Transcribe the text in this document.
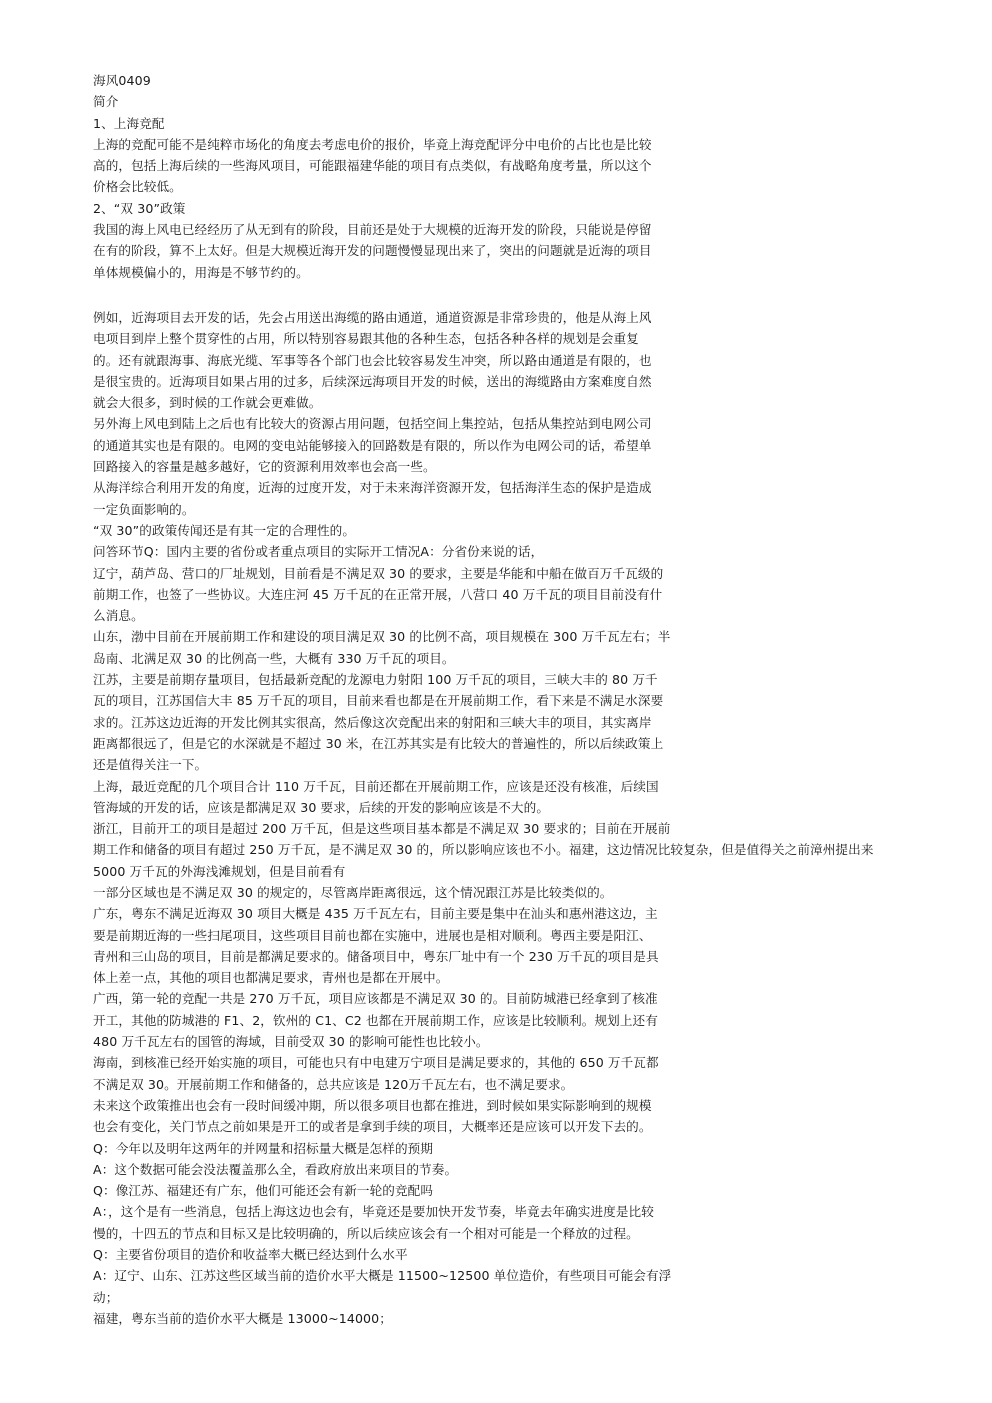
海风0409
简介
1、上海竞配
上海的竞配可能不是纯粹市场化的角度去考虑电价的报价，毕竟上海竞配评分中电价的占比也是比较
高的，包括上海后续的一些海风项目，可能跟福建华能的项目有点类似，有战略角度考量，所以这个
价格会比较低。
2、“双 30”政策
我国的海上风电已经经历了从无到有的阶段，目前还是处于大规模的近海开发的阶段，只能说是停留
在有的阶段，算不上太好。但是大规模近海开发的问题慢慢显现出来了，突出的问题就是近海的项目
单体规模偏小的，用海是不够节约的。
例如，近海项目去开发的话，先会占用送出海缆的路由通道，通道资源是非常珍贵的，他是从海上风
电项目到岸上整个贯穿性的占用，所以特别容易跟其他的各种生态，包括各种各样的规划是会重复
的。还有就跟海事、海底光缆、军事等各个部门也会比较容易发生冲突，所以路由通道是有限的，也
是很宝贵的。近海项目如果占用的过多，后续深远海项目开发的时候，送出的海缆路由方案难度自然
就会大很多，到时候的工作就会更难做。
另外海上风电到陆上之后也有比较大的资源占用问题，包括空间上集控站，包括从集控站到电网公司
的通道其实也是有限的。电网的变电站能够接入的回路数是有限的，所以作为电网公司的话，希望单
回路接入的容量是越多越好，它的资源利用效率也会高一些。
从海洋综合利用开发的角度，近海的过度开发，对于未来海洋资源开发，包括海洋生态的保护是造成
一定负面影响的。
“双 30”的政策传闻还是有其一定的合理性的。
问答环节Q：国内主要的省份或者重点项目的实际开工情况A：分省份来说的话，
辽宁，葫芦岛、营口的厂址规划，目前看是不满足双 30 的要求，主要是华能和中船在做百万千瓦级的
前期工作，也签了一些协议。大连庄河 45 万千瓦的在正常开展，八营口 40 万千瓦的项目目前没有什
么消息。
山东，渤中目前在开展前期工作和建设的项目满足双 30 的比例不高，项目规模在 300 万千瓦左右；半
岛南、北满足双 30 的比例高一些，大概有 330 万千瓦的项目。
江苏，主要是前期存量项目，包括最新竞配的龙源电力射阳 100 万千瓦的项目，三峡大丰的 80 万千
瓦的项目，江苏国信大丰 85 万千瓦的项目，目前来看也都是在开展前期工作，看下来是不满足水深要
求的。江苏这边近海的开发比例其实很高，然后像这次竞配出来的射阳和三峡大丰的项目，其实离岸
距离都很远了，但是它的水深就是不超过 30 米，在江苏其实是有比较大的普遍性的，所以后续政策上
还是值得关注一下。
上海，最近竞配的几个项目合计 110 万千瓦，目前还都在开展前期工作，应该是还没有核准，后续国
管海域的开发的话，应该是都满足双 30 要求，后续的开发的影响应该是不大的。
浙江，目前开工的项目是超过 200 万千瓦，但是这些项目基本都是不满足双 30 要求的；目前在开展前
期工作和储备的项目有超过 250 万千瓦，是不满足双 30 的，所以影响应该也不小。福建，这边情况比较复杂，但是值得关之前漳州提出来
5000 万千瓦的外海浅滩规划，但是目前看有
一部分区域也是不满足双 30 的规定的，尽管离岸距离很远，这个情况跟江苏是比较类似的。
广东，粤东不满足近海双 30 项目大概是 435 万千瓦左右，目前主要是集中在汕头和惠州港这边，主
要是前期近海的一些扫尾项目，这些项目目前也都在实施中，进展也是相对顺利。粤西主要是阳江、
青州和三山岛的项目，目前是都满足要求的。储备项目中，粤东厂址中有一个 230 万千瓦的项目是具
体上差一点，其他的项目也都满足要求，青州也是都在开展中。
广西，第一轮的竞配一共是 270 万千瓦，项目应该都是不满足双 30 的。目前防城港已经拿到了核准
开工，其他的防城港的 F1、2，钦州的 C1、C2 也都在开展前期工作，应该是比较顺利。规划上还有
480 万千瓦左右的国管的海域，目前受双 30 的影响可能性也比较小。
海南，到核准已经开始实施的项目，可能也只有中电建万宁项目是满足要求的，其他的 650 万千瓦都
不满足双 30。开展前期工作和储备的，总共应该是 120万千瓦左右，也不满足要求。
未来这个政策推出也会有一段时间缓冲期，所以很多项目也都在推进，到时候如果实际影响到的规模
也会有变化，关门节点之前如果是开工的或者是拿到手续的项目，大概率还是应该可以开发下去的。
Q：今年以及明年这两年的并网量和招标量大概是怎样的预期
A：这个数据可能会没法覆盖那么全，看政府放出来项目的节奏。
Q：像江苏、福建还有广东，他们可能还会有新一轮的竞配吗
A：，这个是有一些消息，包括上海这边也会有，毕竟还是要加快开发节奏，毕竟去年确实进度是比较
慢的，十四五的节点和目标又是比较明确的，所以后续应该会有一个相对可能是一个释放的过程。
Q：主要省份项目的造价和收益率大概已经达到什么水平
A：辽宁、山东、江苏这些区域当前的造价水平大概是 11500~12500 单位造价，有些项目可能会有浮
动；
福建，粤东当前的造价水平大概是 13000~14000；
